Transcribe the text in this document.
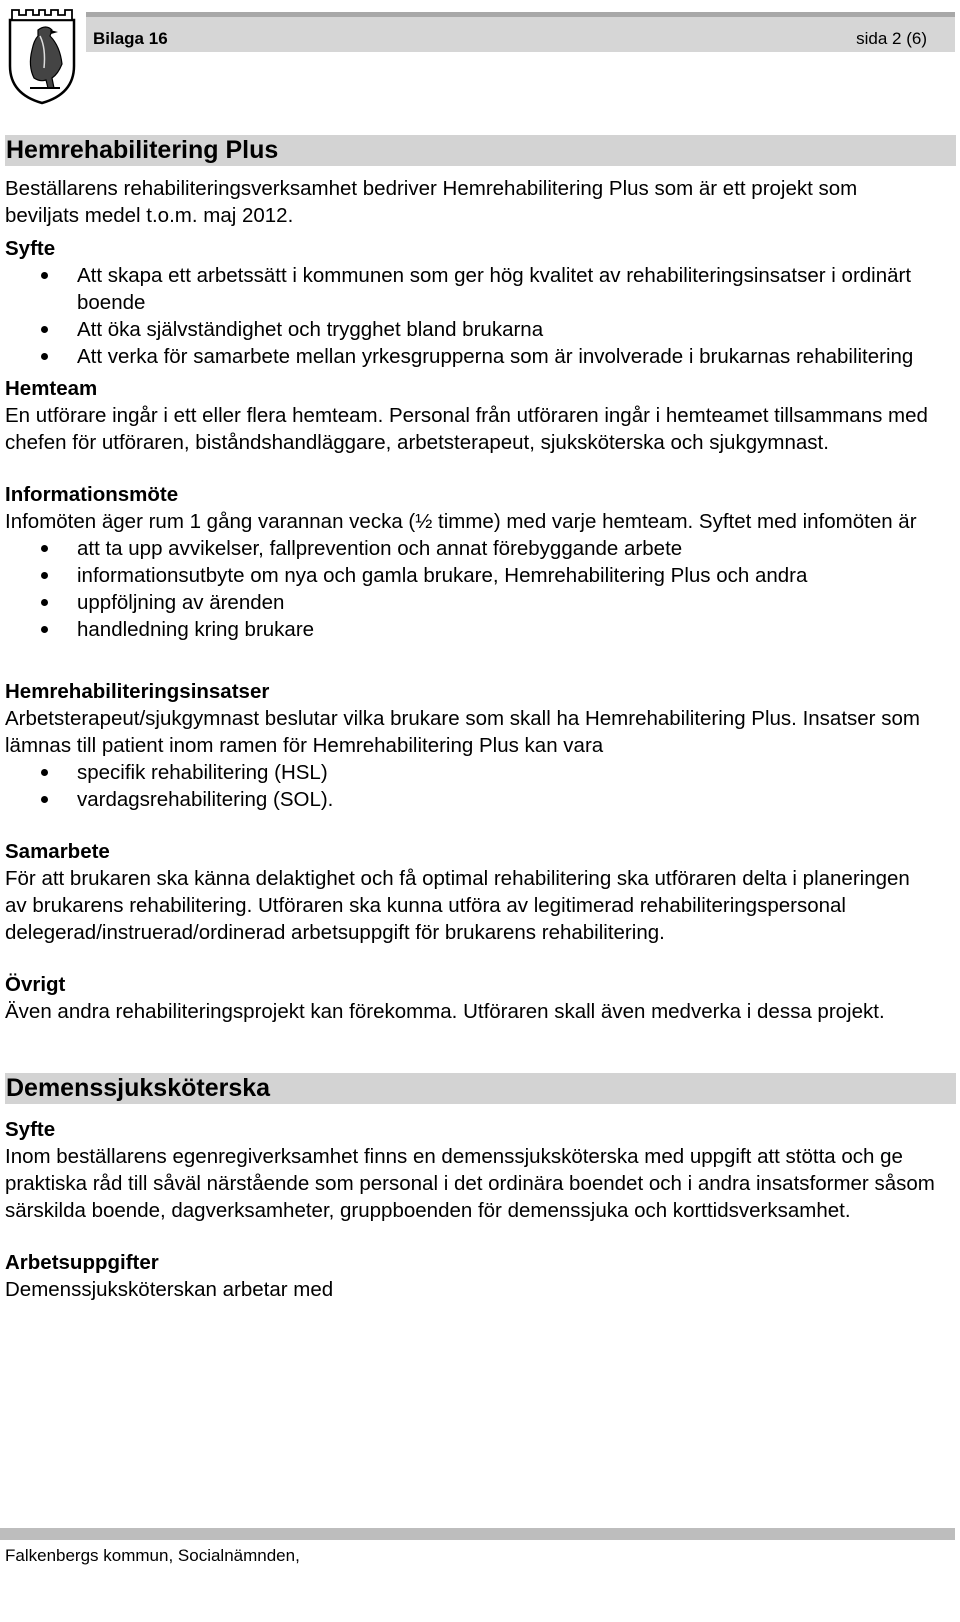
Bilaga 16	sida 2 (6)
Hemrehabilitering Plus

Beställarens rehabiliteringsverksamhet bedriver Hemrehabilitering Plus som är ett projekt som beviljats medel t.o.m. maj 2012.

Syfte

Att skapa ett arbetssätt i kommunen som ger hög kvalitet av rehabiliteringsinsatser i ordinärt boende
Att öka självständighet och trygghet bland brukarna
Att verka för samarbete mellan yrkesgrupperna som är involverade i brukarnas rehabilitering

Hemteam

En utförare ingår i ett eller flera hemteam. Personal från utföraren ingår i hemteamet tillsammans med chefen för utföraren, biståndshandläggare, arbetsterapeut, sjuksköterska och sjukgymnast.

Informationsmöte

Infomöten äger rum 1 gång varannan vecka (½ timme) med varje hemteam. Syftet med infomöten är

att ta upp avvikelser, fallprevention och annat förebyggande arbete
informationsutbyte om nya och gamla brukare, Hemrehabilitering Plus och andra
uppföljning av ärenden
handledning kring brukare

Hemrehabiliteringsinsatser

Arbetsterapeut/sjukgymnast beslutar vilka brukare som skall ha Hemrehabilitering Plus. Insatser som lämnas till patient inom ramen för Hemrehabilitering Plus kan vara

specifik rehabilitering (HSL)
vardagsrehabilitering (SOL).

Samarbete

För att brukaren ska känna delaktighet och få optimal rehabilitering ska utföraren delta i planeringen av brukarens rehabilitering. Utföraren ska kunna utföra av legitimerad rehabiliteringspersonal delegerad/instruerad/ordinerad arbetsuppgift för brukarens rehabilitering.

Övrigt

Även andra rehabiliteringsprojekt kan förekomma. Utföraren skall även medverka i dessa projekt.

Demenssjuksköterska

Syfte

Inom beställarens egenregiverksamhet finns en demenssjuksköterska med uppgift att stötta och ge praktiska råd till såväl närstående som personal i det ordinära boendet och i andra insatsformer såsom särskilda boende, dagverksamheter, gruppboenden för demenssjuka och korttidsverksamhet.

Arbetsuppgifter

Demenssjuksköterskan arbetar med

Falkenbergs kommun, Socialnämnden,
